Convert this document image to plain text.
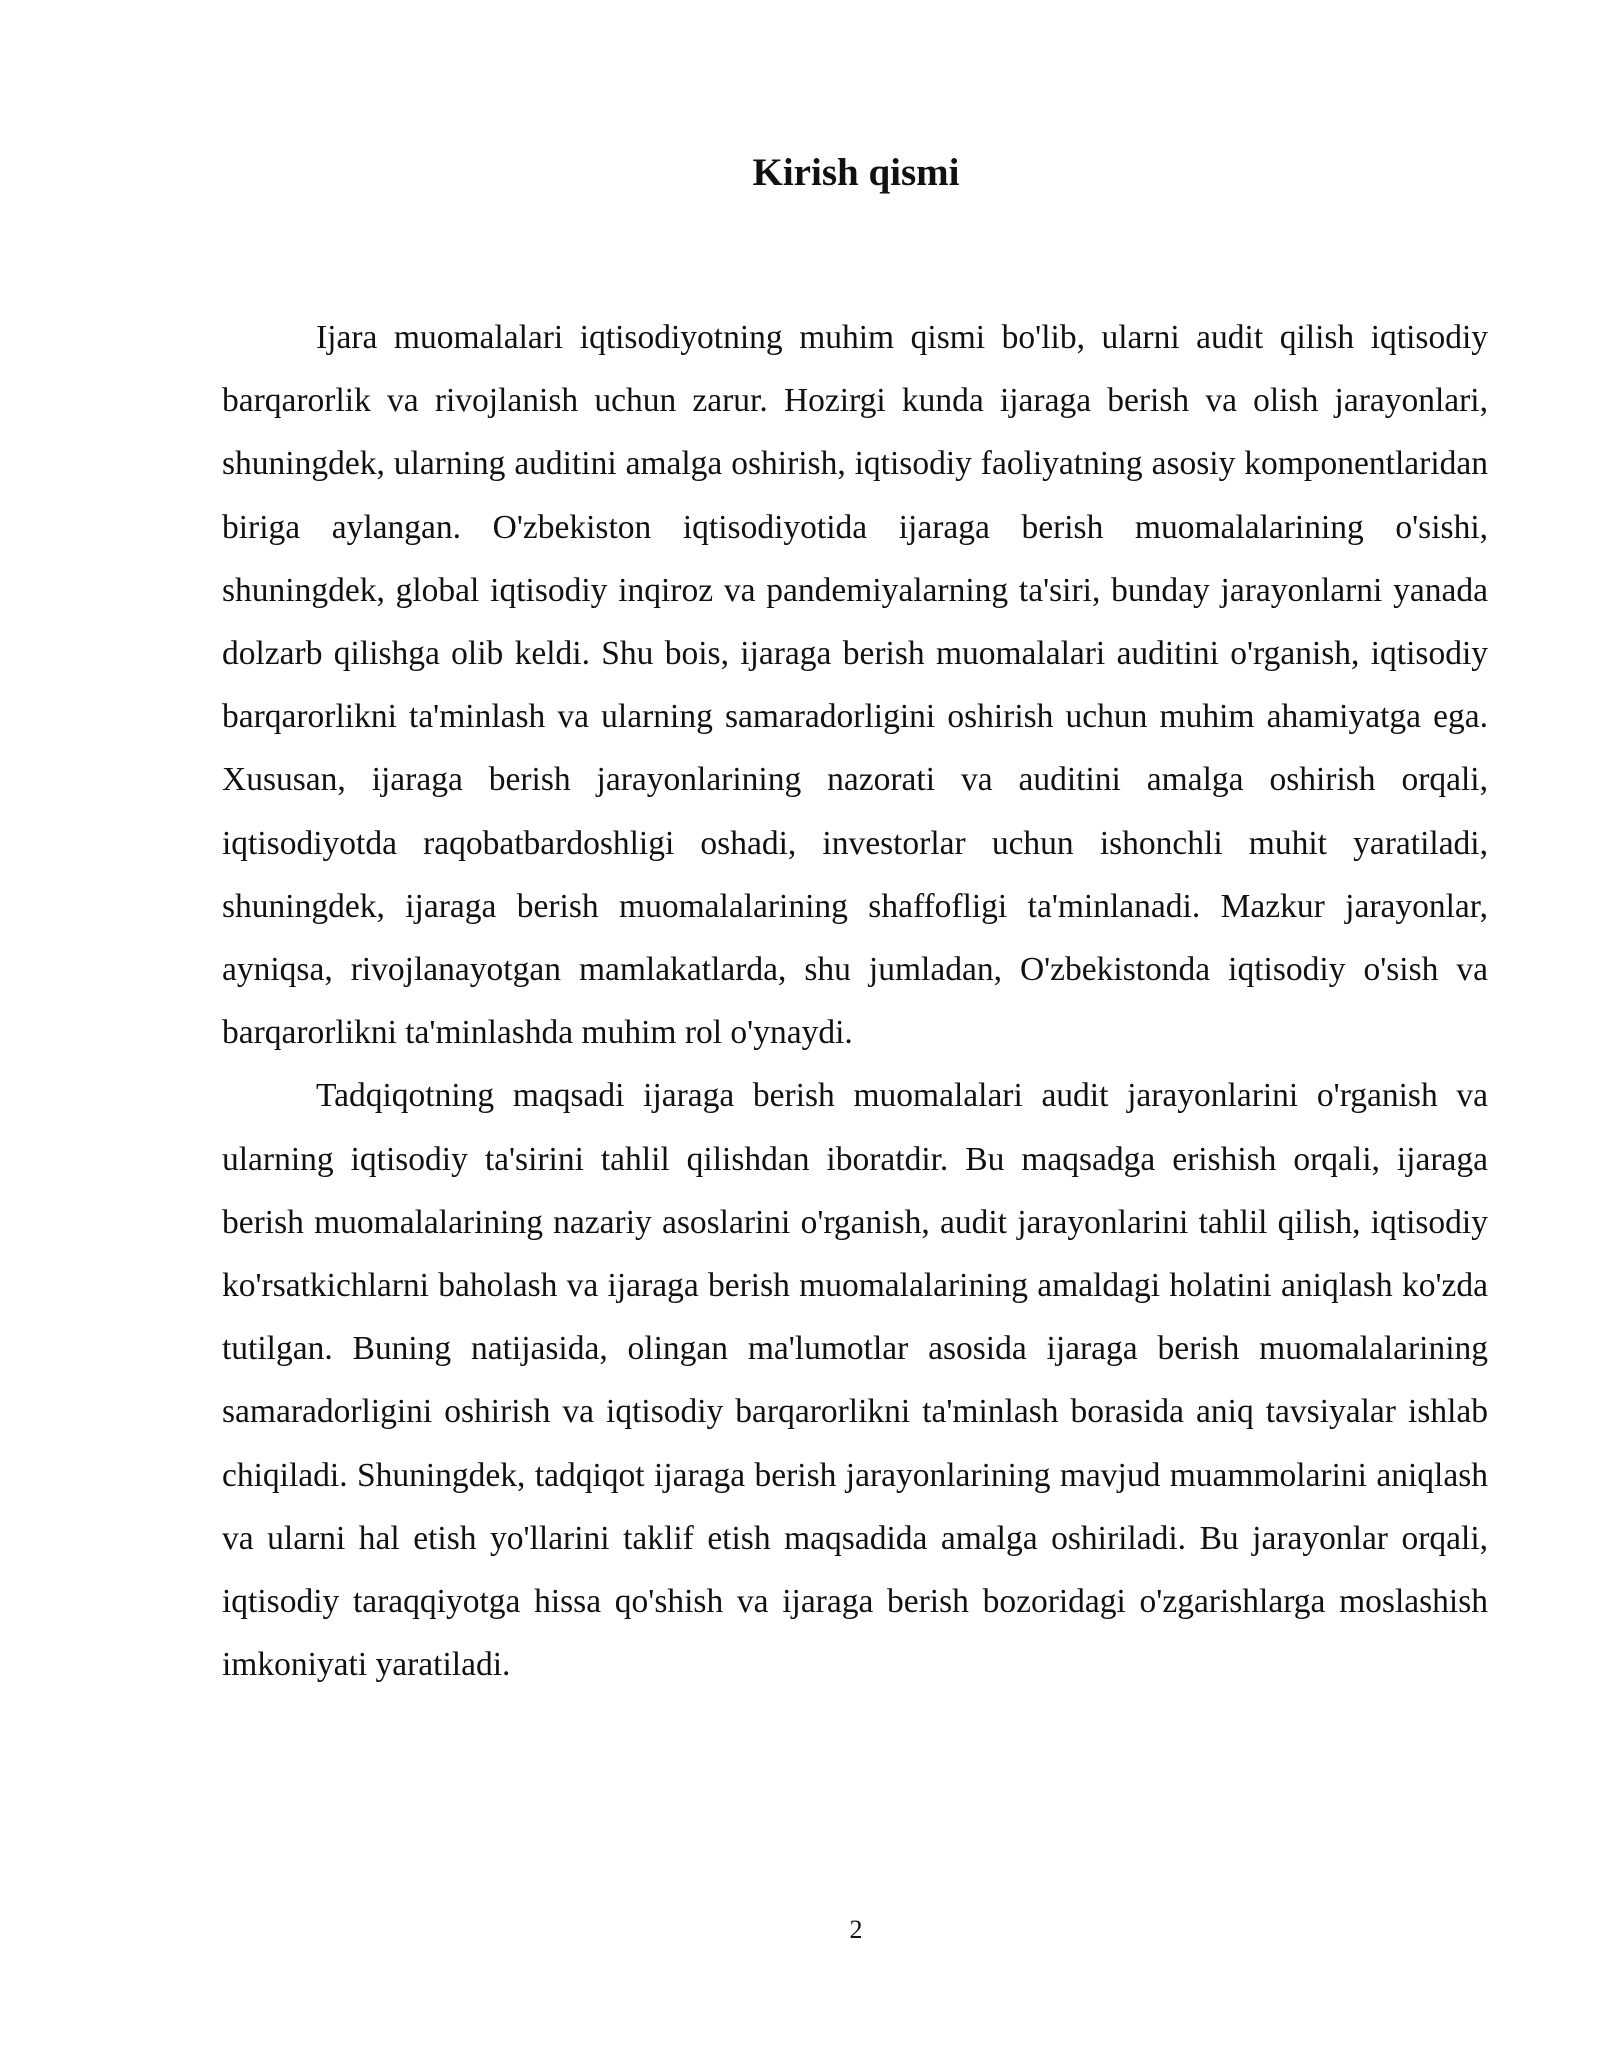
Kirish qismi

Ijara muomalalari iqtisodiyotning muhim qismi bo'lib, ularni audit qilish iqtisodiy barqarorlik va rivojlanish uchun zarur. Hozirgi kunda ijaraga berish va olish jarayonlari, shuningdek, ularning auditini amalga oshirish, iqtisodiy faoliyatning asosiy komponentlaridan biriga aylangan. O'zbekiston iqtisodiyotida ijaraga berish muomalalarining o'sishi, shuningdek, global iqtisodiy inqiroz va pandemiyalarning ta'siri, bunday jarayonlarni yanada dolzarb qilishga olib keldi. Shu bois, ijaraga berish muomalalari auditini o'rganish, iqtisodiy barqarorlikni ta'minlash va ularning samaradorligini oshirish uchun muhim ahamiyatga ega. Xususan, ijaraga berish jarayonlarining nazorati va auditini amalga oshirish orqali, iqtisodiyotda raqobatbardoshligi oshadi, investorlar uchun ishonchli muhit yaratiladi, shuningdek, ijaraga berish muomalalarining shaffofligi ta'minlanadi. Mazkur jarayonlar, ayniqsa, rivojlanayotgan mamlakatlarda, shu jumladan, O'zbekistonda iqtisodiy o'sish va barqarorlikni ta'minlashda muhim rol o'ynaydi.

Tadqiqotning maqsadi ijaraga berish muomalalari audit jarayonlarini o'rganish va ularning iqtisodiy ta'sirini tahlil qilishdan iboratdir. Bu maqsadga erishish orqali, ijaraga berish muomalalarining nazariy asoslarini o'rganish, audit jarayonlarini tahlil qilish, iqtisodiy ko'rsatkichlarni baholash va ijaraga berish muomalalarining amaldagi holatini aniqlash ko'zda tutilgan. Buning natijasida, olingan ma'lumotlar asosida ijaraga berish muomalalarining samaradorligini oshirish va iqtisodiy barqarorlikni ta'minlash borasida aniq tavsiyalar ishlab chiqiladi. Shuningdek, tadqiqot ijaraga berish jarayonlarining mavjud muammolarini aniqlash va ularni hal etish yo'llarini taklif etish maqsadida amalga oshiriladi. Bu jarayonlar orqali, iqtisodiy taraqqiyotga hissa qo'shish va ijaraga berish bozoridagi o'zgarishlarga moslashish imkoniyati yaratiladi.

2
